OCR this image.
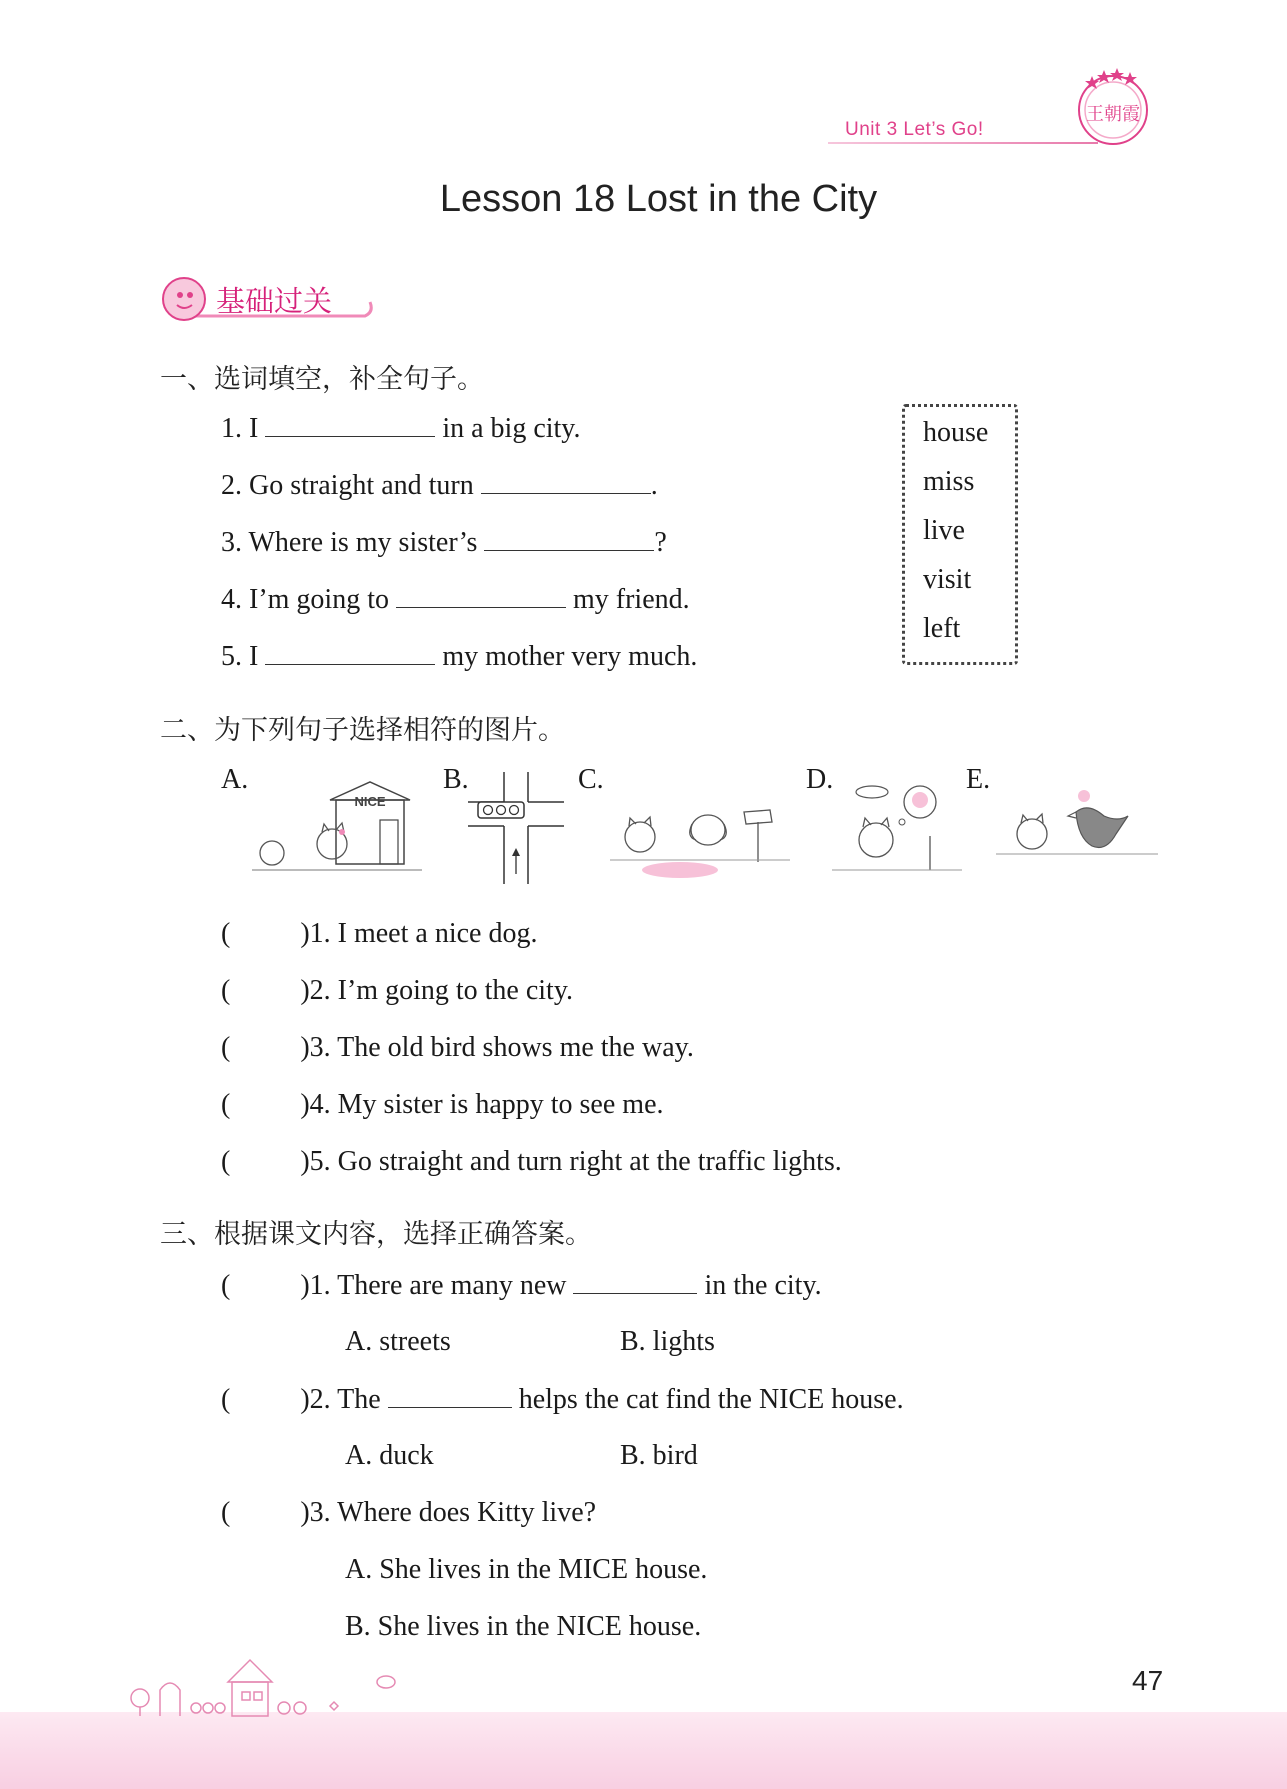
Unit 3 Let’s Go!
王朝霞
Lesson 18 Lost in the City
基础过关
一、选词填空，补全句子。
1. I	in a big city.
2. Go straight and turn	.
3. Where is my sister’s	?
4. I’m going to	my friend.
5. I	my mother very much.
house
miss
live
visit
left
二、为下列句子选择相符的图片。
A.	B.	C.	D.	E.
NICE
(	)1. I meet a nice dog.
(	)2. I’m going to the city.
(	)3. The old bird shows me the way.
(	)4. My sister is happy to see me.
(	)5. Go straight and turn right at the traffic lights.
三、根据课文内容，选择正确答案。
(	)1. There are many new	in the city.
A. streets	B. lights
(	)2. The	helps the cat find the NICE house.
A. duck	B. bird
(	)3. Where does Kitty live?
A. She lives in the MICE house.
B. She lives in the NICE house.
47
